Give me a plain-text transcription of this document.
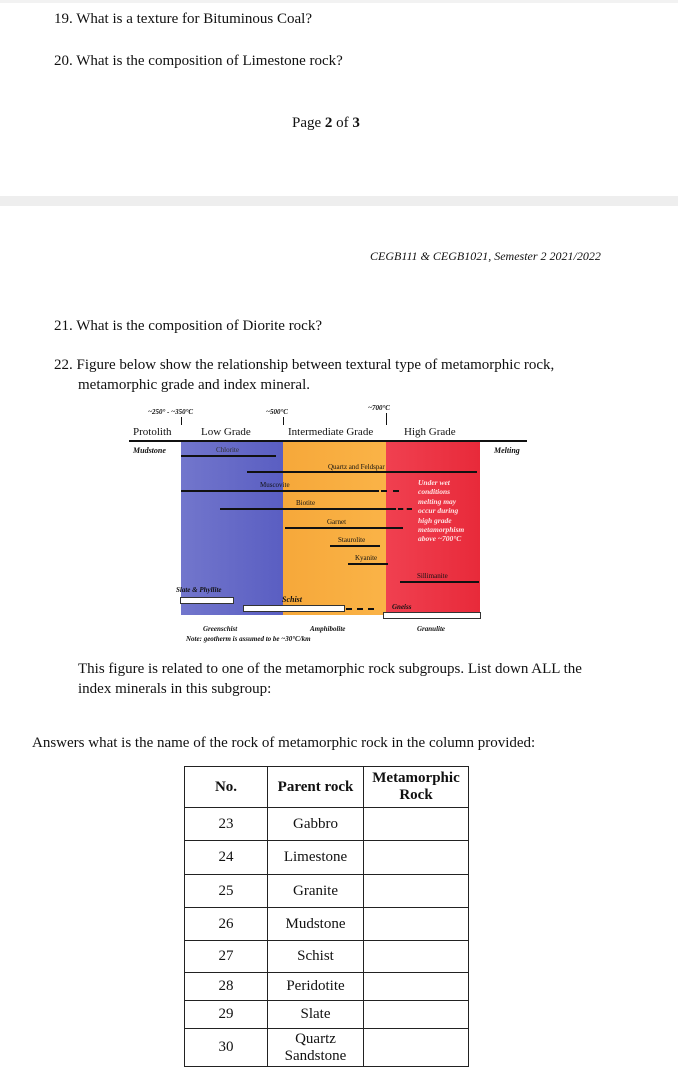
19. What is a texture for Bituminous Coal?
20. What is the composition of Limestone rock?
Page 2 of 3
CEGB111 & CEGB1021, Semester 2 2021/2022
21. What is the composition of Diorite rock?
22. Figure below show the relationship between textural type of metamorphic rock,
metamorphic grade and index mineral.
~250° - ~350°C	~500°C	~700°C
Protolith	Low Grade	Intermediate Grade	High Grade
Mudstone	Melting
Chlorite
Quartz and Feldspar
Muscovite
Biotite
Garnet
Staurolite
Kyanite
Under wet
conditions
melting may
occur during
high grade
metamorphism
above ~700°C
Sillimanite
Slate & Phyllite
Schist
Gneiss
Greenschist	Amphibolite	Granulite
Note: geotherm is assumed to be ~30°C/km
This figure is related to one of the metamorphic rock subgroups. List down ALL the
index minerals in this subgroup:
Answers what is the name of the rock of metamorphic rock in the column provided:
No.	Parent rock	Metamorphic
Rock

23	Gabbro	
24	Limestone	
25	Granite	
26	Mudstone	
27	Schist	
28	Peridotite	
29	Slate	
30	Quartz
Sandstone	
